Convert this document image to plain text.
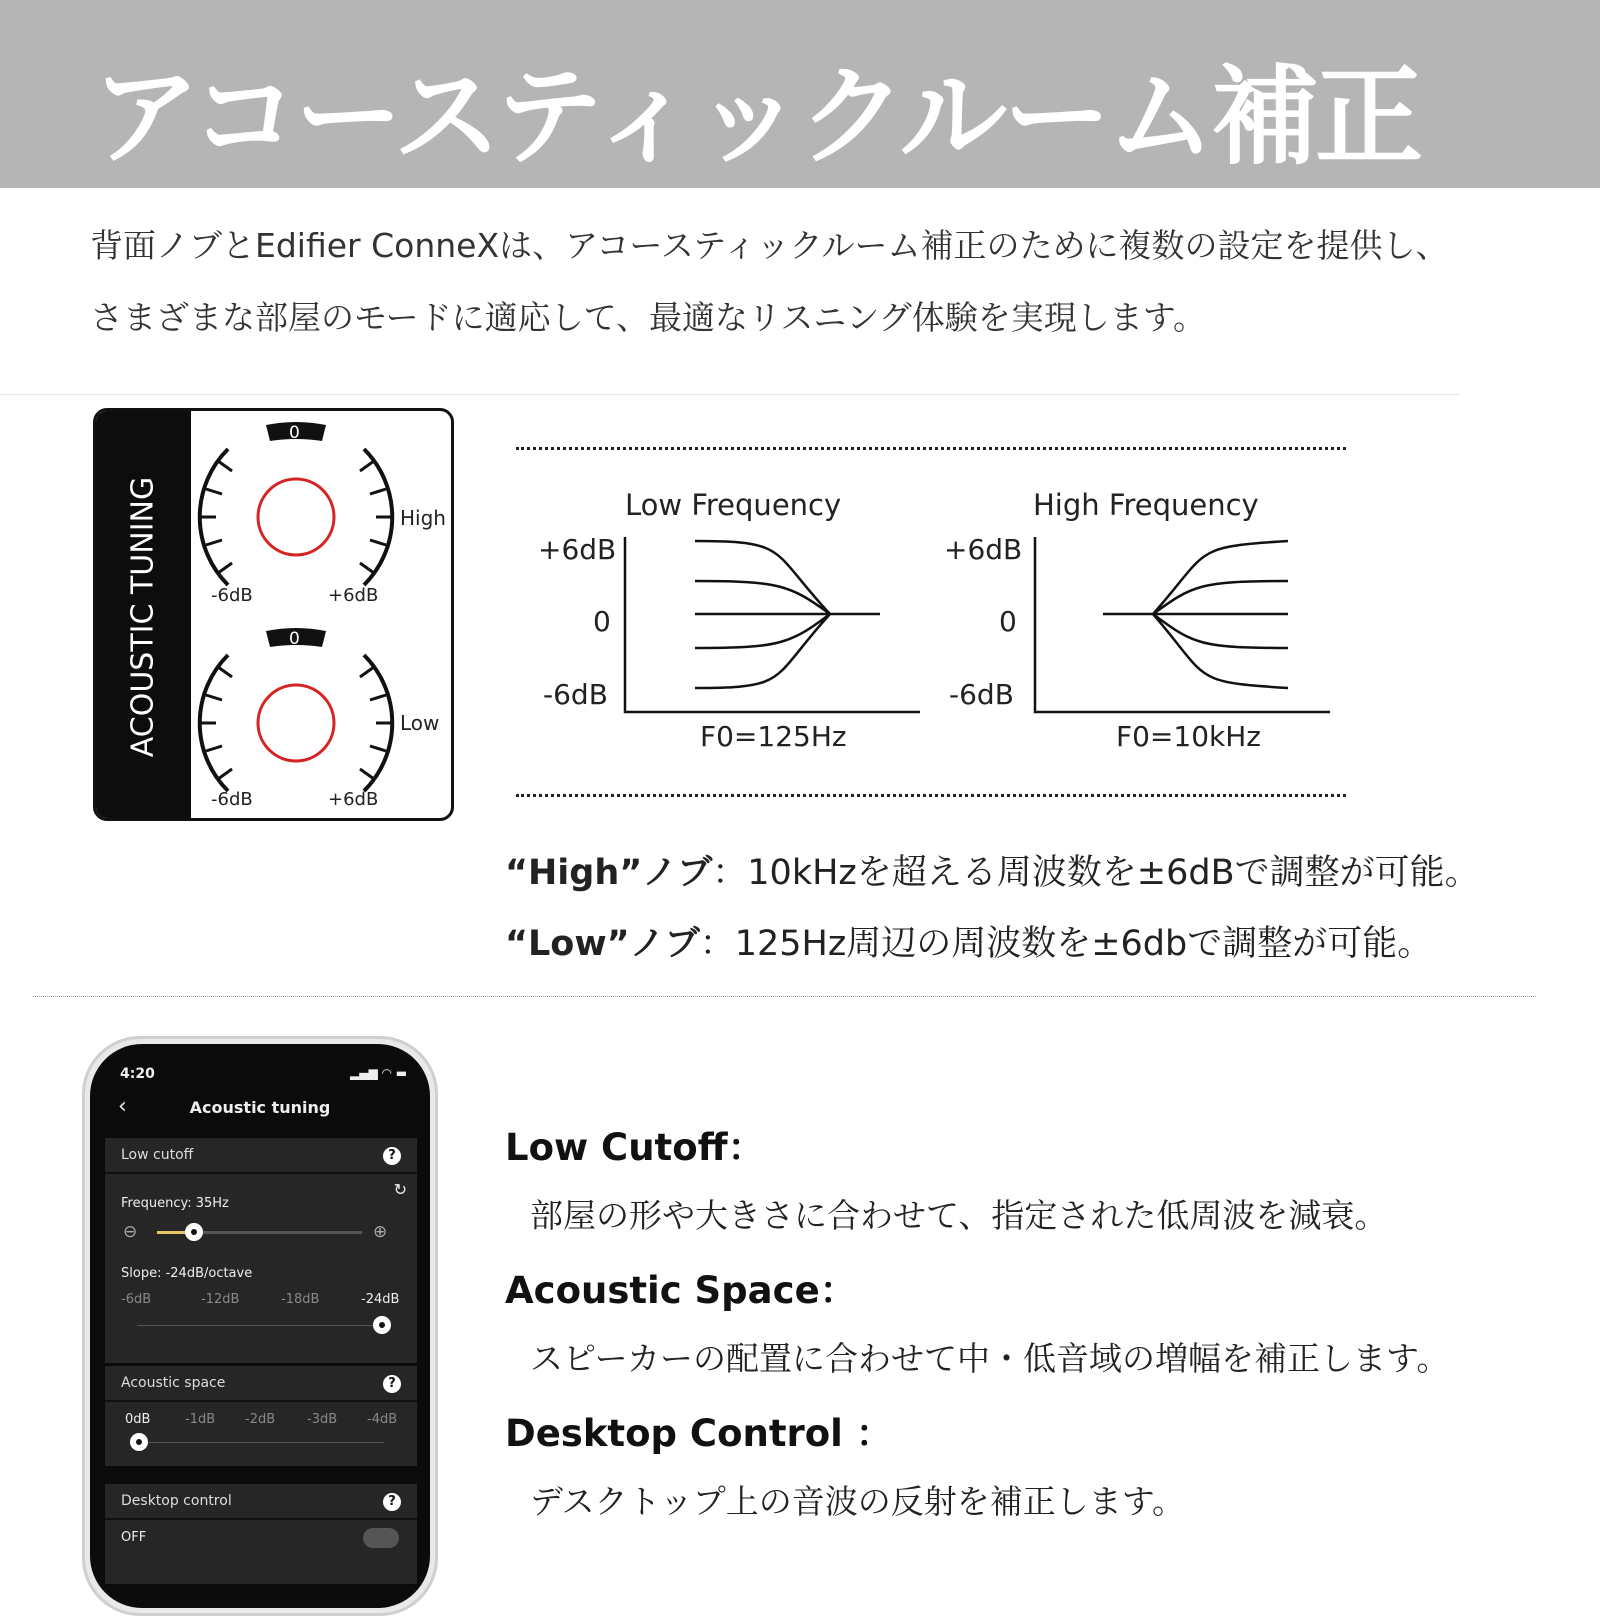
アコースティックルーム補正
背面ノブとEdifier ConneXは、アコースティックルーム補正のために複数の設定を提供し、
さまざまな部屋のモードに適応して、最適なリスニング体験を実現します。
ACOUSTIC TUNING
0
High
-6dB	+6dB
0
Low
-6dB	+6dB
Low Frequency
+6dB
0
-6dB
F0=125Hz
High Frequency
+6dB
0
-6dB
F0=10kHz
“High”ノブ：10kHzを超える周波数を±6dBで調整が可能。
“Low”ノブ：125Hz周辺の周波数を±6dbで調整が可能。
4:20	▂▄▆ ◠ ▬
‹	Acoustic tuning
Low cutoff	?
↻
Frequency: 35Hz
⊖	⊕
Slope: -24dB/octave
-6dB	-12dB	-18dB	-24dB
Acoustic space	?
0dB	-1dB -2dB -3dB -4dB
Desktop control	?
OFF
Low Cutoff：
部屋の形や大きさに合わせて、指定された低周波を減衰。
Acoustic Space：
スピーカーの配置に合わせて中・低音域の増幅を補正します。
Desktop Control ：
デスクトップ上の音波の反射を補正します。
